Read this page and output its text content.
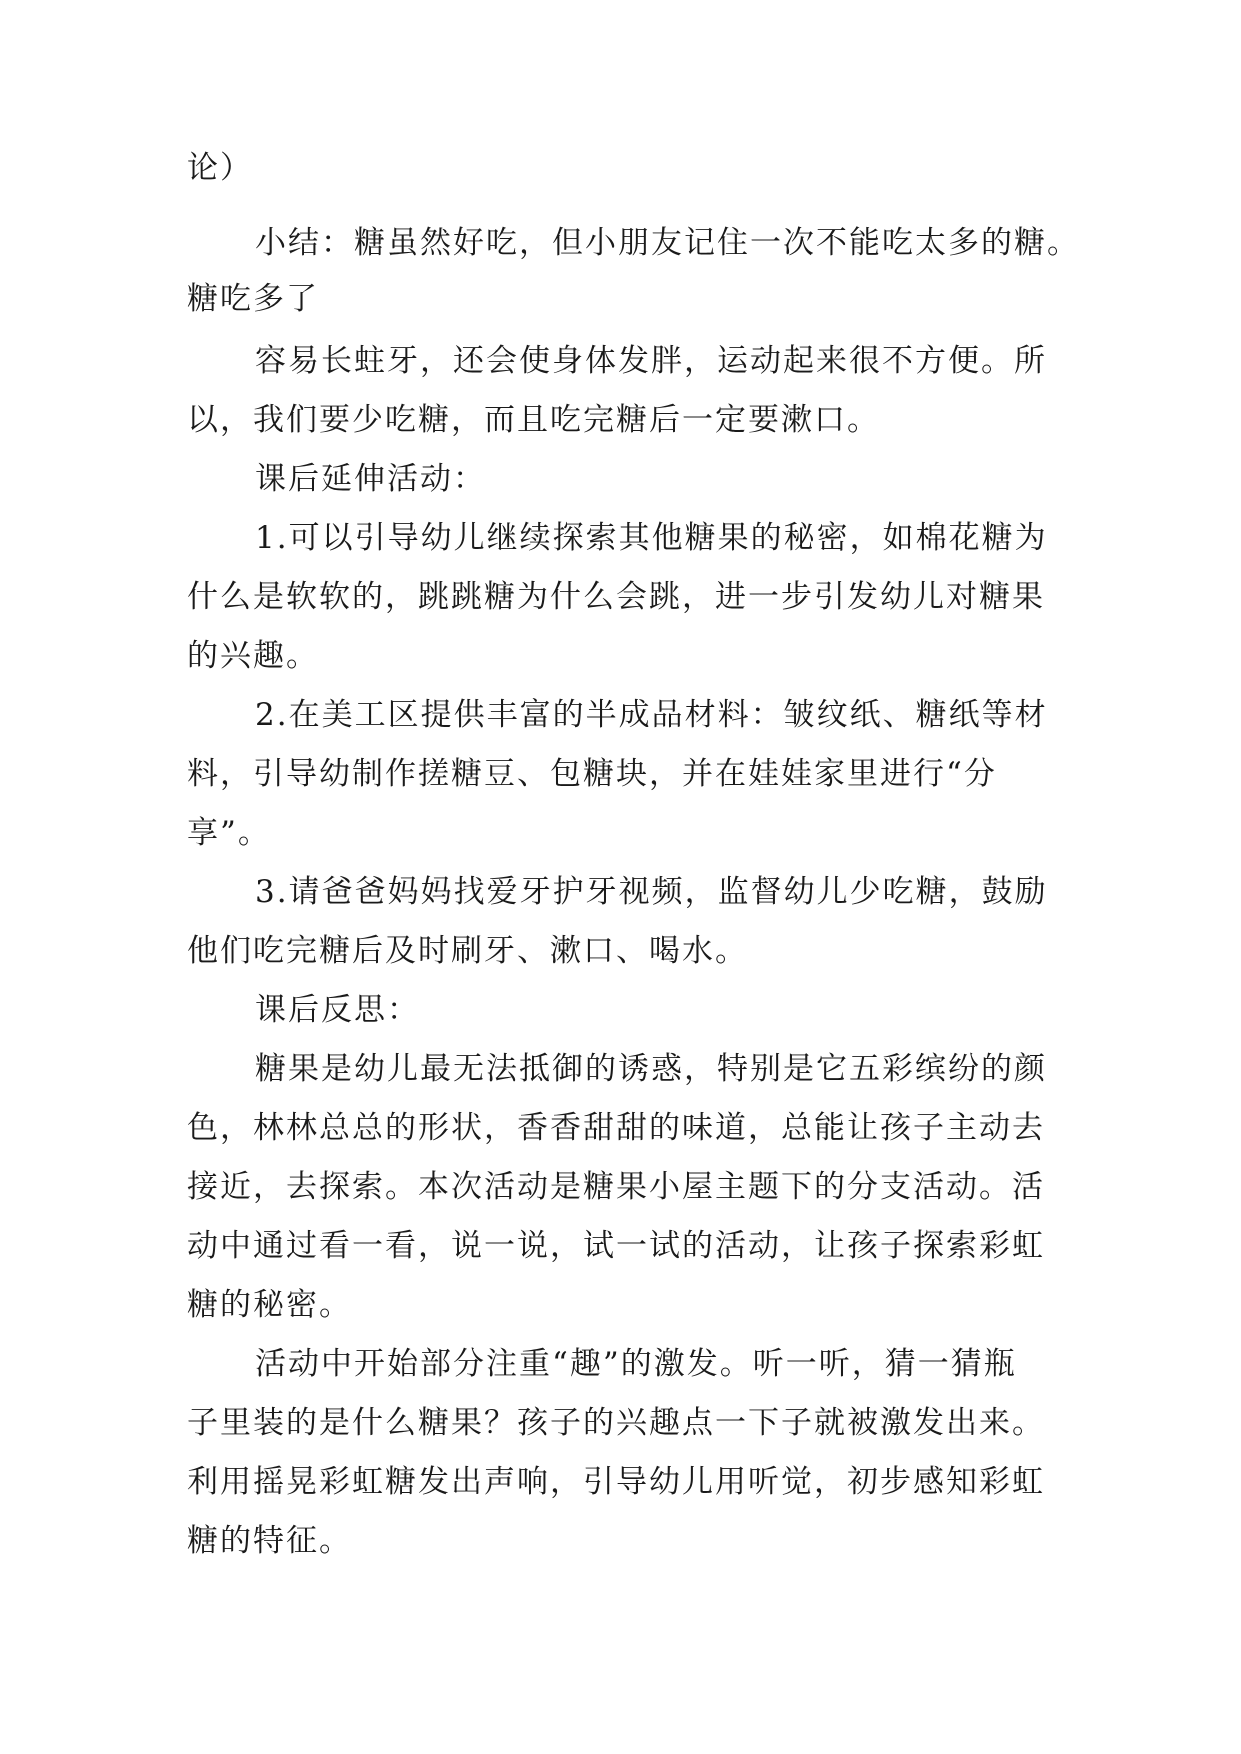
论）
小结：糖虽然好吃，但小朋友记住一次不能吃太多的糖。
糖吃多了
容易长蛀牙，还会使身体发胖，运动起来很不方便。所
以，我们要少吃糖，而且吃完糖后一定要漱口。
课后延伸活动：
1.可以引导幼儿继续探索其他糖果的秘密，如棉花糖为
什么是软软的，跳跳糖为什么会跳，进一步引发幼儿对糖果
的兴趣。
2.在美工区提供丰富的半成品材料：皱纹纸、糖纸等材
料，引导幼制作搓糖豆、包糖块，并在娃娃家里进行“分
享”。
3.请爸爸妈妈找爱牙护牙视频，监督幼儿少吃糖，鼓励
他们吃完糖后及时刷牙、漱口、喝水。
课后反思：
糖果是幼儿最无法抵御的诱惑，特别是它五彩缤纷的颜
色，林林总总的形状，香香甜甜的味道，总能让孩子主动去
接近，去探索。本次活动是糖果小屋主题下的分支活动。活
动中通过看一看，说一说，试一试的活动，让孩子探索彩虹
糖的秘密。
活动中开始部分注重“趣”的激发。听一听，猜一猜瓶
子里装的是什么糖果？孩子的兴趣点一下子就被激发出来。
利用摇晃彩虹糖发出声响，引导幼儿用听觉，初步感知彩虹
糖的特征。
